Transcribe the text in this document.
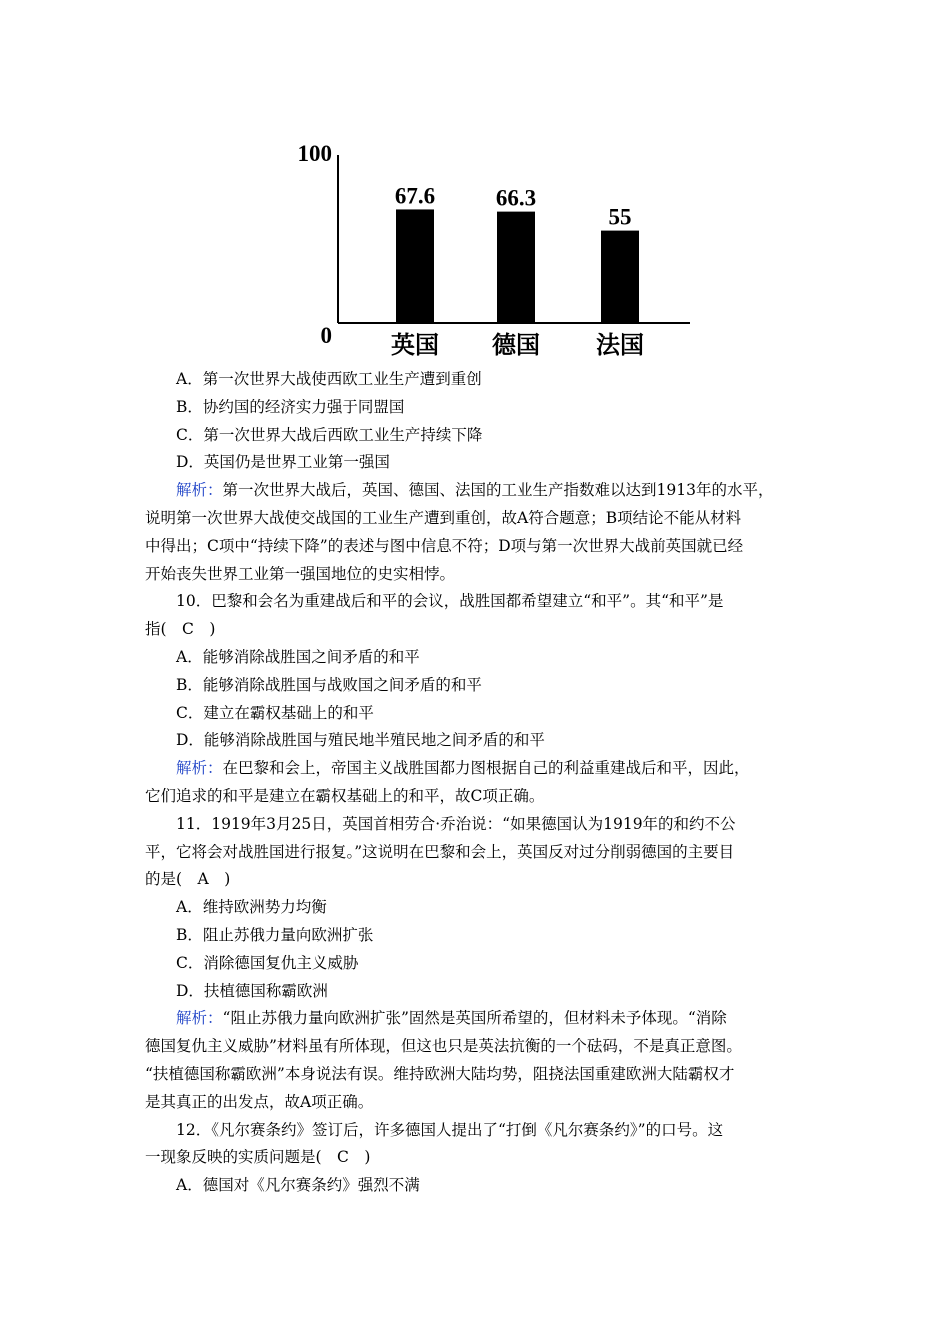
100
0
67.6
英国
66.3
德国
55
法国
A．第一次世界大战使西欧工业生产遭到重创
B．协约国的经济实力强于同盟国
C．第一次世界大战后西欧工业生产持续下降
D．英国仍是世界工业第一强国
解析：第一次世界大战后，英国、德国、法国的工业生产指数难以达到1913年的水平，
说明第一次世界大战使交战国的工业生产遭到重创，故A符合题意；B项结论不能从材料
中得出；C项中“持续下降”的表述与图中信息不符；D项与第一次世界大战前英国就已经
开始丧失世界工业第一强国地位的史实相悖。
10．巴黎和会名为重建战后和平的会议，战胜国都希望建立“和平”。其“和平”是
指(　C　)
A．能够消除战胜国之间矛盾的和平
B．能够消除战胜国与战败国之间矛盾的和平
C．建立在霸权基础上的和平
D．能够消除战胜国与殖民地半殖民地之间矛盾的和平
解析：在巴黎和会上，帝国主义战胜国都力图根据自己的利益重建战后和平，因此，
它们追求的和平是建立在霸权基础上的和平，故C项正确。
11．1919年3月25日，英国首相劳合·乔治说：“如果德国认为1919年的和约不公
平，它将会对战胜国进行报复。”这说明在巴黎和会上，英国反对过分削弱德国的主要目
的是(　A　)
A．维持欧洲势力均衡
B．阻止苏俄力量向欧洲扩张
C．消除德国复仇主义威胁
D．扶植德国称霸欧洲
解析：“阻止苏俄力量向欧洲扩张”固然是英国所希望的，但材料未予体现。“消除
德国复仇主义威胁”材料虽有所体现，但这也只是英法抗衡的一个砝码，不是真正意图。
“扶植德国称霸欧洲”本身说法有误。维持欧洲大陆均势，阻挠法国重建欧洲大陆霸权才
是其真正的出发点，故A项正确。
12．《凡尔赛条约》签订后，许多德国人提出了“打倒《凡尔赛条约》”的口号。这
一现象反映的实质问题是(　C　)
A．德国对《凡尔赛条约》强烈不满
